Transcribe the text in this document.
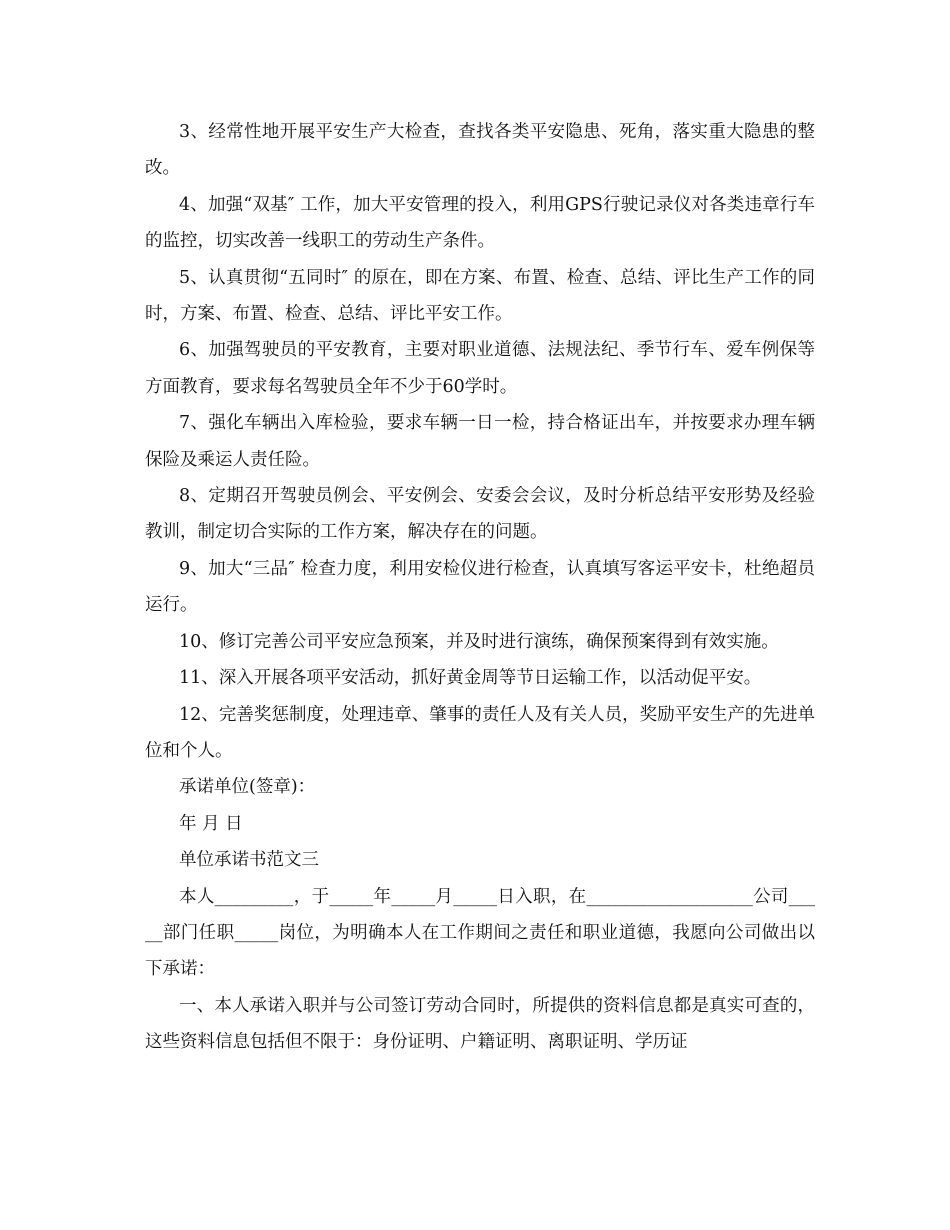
3、经常性地开展平安生产大检查，查找各类平安隐患、死角，落实重大隐患的整改。

4、加强“双基″ 工作，加大平安管理的投入，利用GPS行驶记录仪对各类违章行车的监控，切实改善一线职工的劳动生产条件。

5、认真贯彻“五同时″ 的原在，即在方案、布置、检查、总结、评比生产工作的同时，方案、布置、检查、总结、评比平安工作。

6、加强驾驶员的平安教育，主要对职业道德、法规法纪、季节行车、爱车例保等方面教育，要求每名驾驶员全年不少于60学时。

7、强化车辆出入库检验，要求车辆一日一检，持合格证出车，并按要求办理车辆保险及乘运人责任险。

8、定期召开驾驶员例会、平安例会、安委会会议，及时分析总结平安形势及经验教训，制定切合实际的工作方案，解决存在的问题。

9、加大“三品″ 检查力度，利用安检仪进行检查，认真填写客运平安卡，杜绝超员运行。

10、修订完善公司平安应急预案，并及时进行演练，确保预案得到有效实施。

11、深入开展各项平安活动，抓好黄金周等节日运输工作，以活动促平安。

12、完善奖惩制度，处理违章、肇事的责任人及有关人员，奖励平安生产的先进单位和个人。

承诺单位(签章)：

年 月 日

单位承诺书范文三

本人_________，于_____年_____月_____日入职，在___________________公司_____部门任职_____岗位，为明确本人在工作期间之责任和职业道德，我愿向公司做出以下承诺：

一、本人承诺入职并与公司签订劳动合同时，所提供的资料信息都是真实可查的，这些资料信息包括但不限于：身份证明、户籍证明、离职证明、学历证
